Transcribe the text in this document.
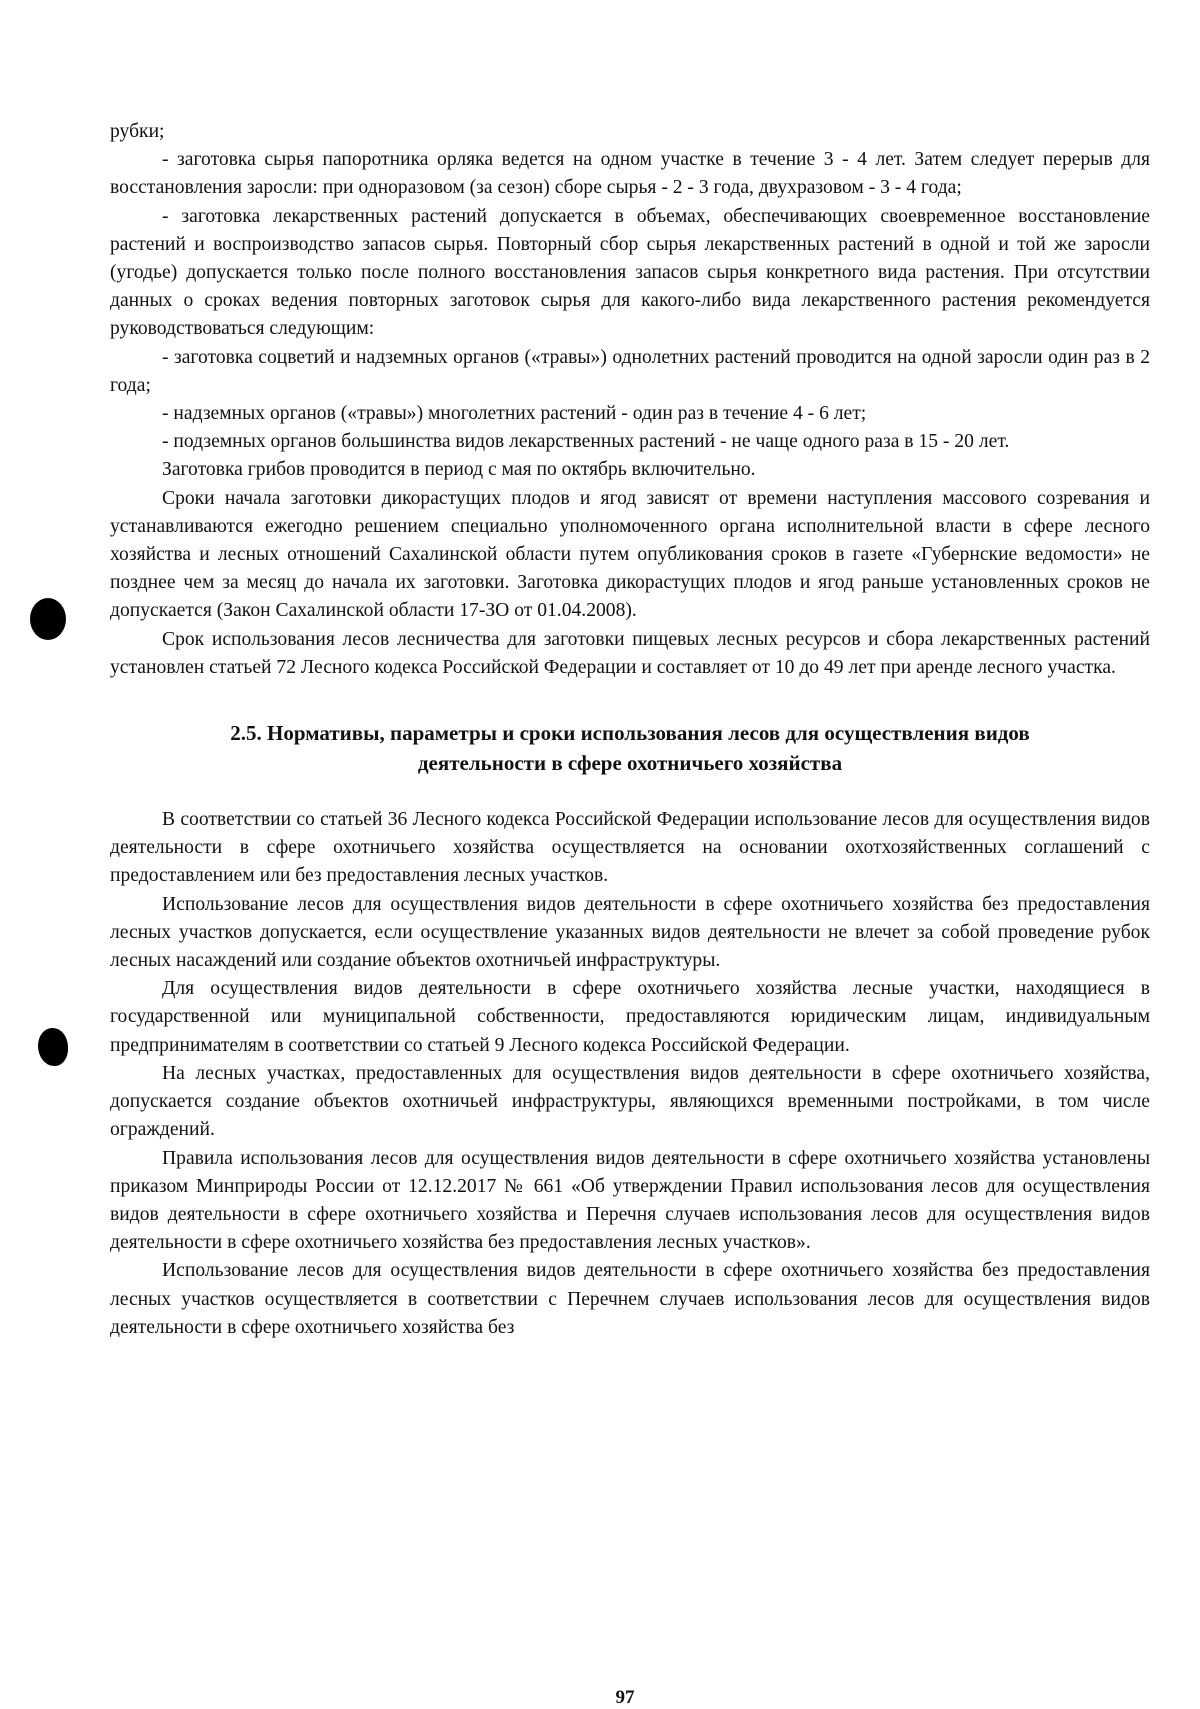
рубки;

- заготовка сырья папоротника орляка ведется на одном участке в течение 3 - 4 лет. Затем следует перерыв для восстановления заросли: при одноразовом (за сезон) сборе сырья - 2 - 3 года, двухразовом - 3 - 4 года;

- заготовка лекарственных растений допускается в объемах, обеспечивающих своевременное восстановление растений и воспроизводство запасов сырья. Повторный сбор сырья лекарственных растений в одной и той же заросли (угодье) допускается только после полного восстановления запасов сырья конкретного вида растения. При отсутствии данных о сроках ведения повторных заготовок сырья для какого-либо вида лекарственного растения рекомендуется руководствоваться следующим:

- заготовка соцветий и надземных органов («травы») однолетних растений проводится на одной заросли один раз в 2 года;

- надземных органов («травы») многолетних растений - один раз в течение 4 - 6 лет;

- подземных органов большинства видов лекарственных растений - не чаще одного раза в 15 - 20 лет.

Заготовка грибов проводится в период с мая по октябрь включительно.

Сроки начала заготовки дикорастущих плодов и ягод зависят от времени наступления массового созревания и устанавливаются ежегодно решением специально уполномоченного органа исполнительной власти в сфере лесного хозяйства и лесных отношений Сахалинской области путем опубликования сроков в газете «Губернские ведомости» не позднее чем за месяц до начала их заготовки. Заготовка дикорастущих плодов и ягод раньше установленных сроков не допускается (Закон Сахалинской области 17-ЗО от 01.04.2008).

Срок использования лесов лесничества для заготовки пищевых лесных ресурсов и сбора лекарственных растений установлен статьей 72 Лесного кодекса Российской Федерации и составляет от 10 до 49 лет при аренде лесного участка.

2.5. Нормативы, параметры и сроки использования лесов для осуществления видов
деятельности в сфере охотничьего хозяйства

В соответствии со статьей 36 Лесного кодекса Российской Федерации использование лесов для осуществления видов деятельности в сфере охотничьего хозяйства осуществляется на основании охотхозяйственных соглашений с предоставлением или без предоставления лесных участков.

Использование лесов для осуществления видов деятельности в сфере охотничьего хозяйства без предоставления лесных участков допускается, если осуществление указанных видов деятельности не влечет за собой проведение рубок лесных насаждений или создание объектов охотничьей инфраструктуры.

Для осуществления видов деятельности в сфере охотничьего хозяйства лесные участки, находящиеся в государственной или муниципальной собственности, предоставляются юридическим лицам, индивидуальным предпринимателям в соответствии со статьей 9 Лесного кодекса Российской Федерации.

На лесных участках, предоставленных для осуществления видов деятельности в сфере охотничьего хозяйства, допускается создание объектов охотничьей инфраструктуры, являющихся временными постройками, в том числе ограждений.

Правила использования лесов для осуществления видов деятельности в сфере охотничьего хозяйства установлены приказом Минприроды России от 12.12.2017 № 661 «Об утверждении Правил использования лесов для осуществления видов деятельности в сфере охотничьего хозяйства и Перечня случаев использования лесов для осуществления видов деятельности в сфере охотничьего хозяйства без предоставления лесных участков».

Использование лесов для осуществления видов деятельности в сфере охотничьего хозяйства без предоставления лесных участков осуществляется в соответствии с Перечнем случаев использования лесов для осуществления видов деятельности в сфере охотничьего хозяйства без

97
